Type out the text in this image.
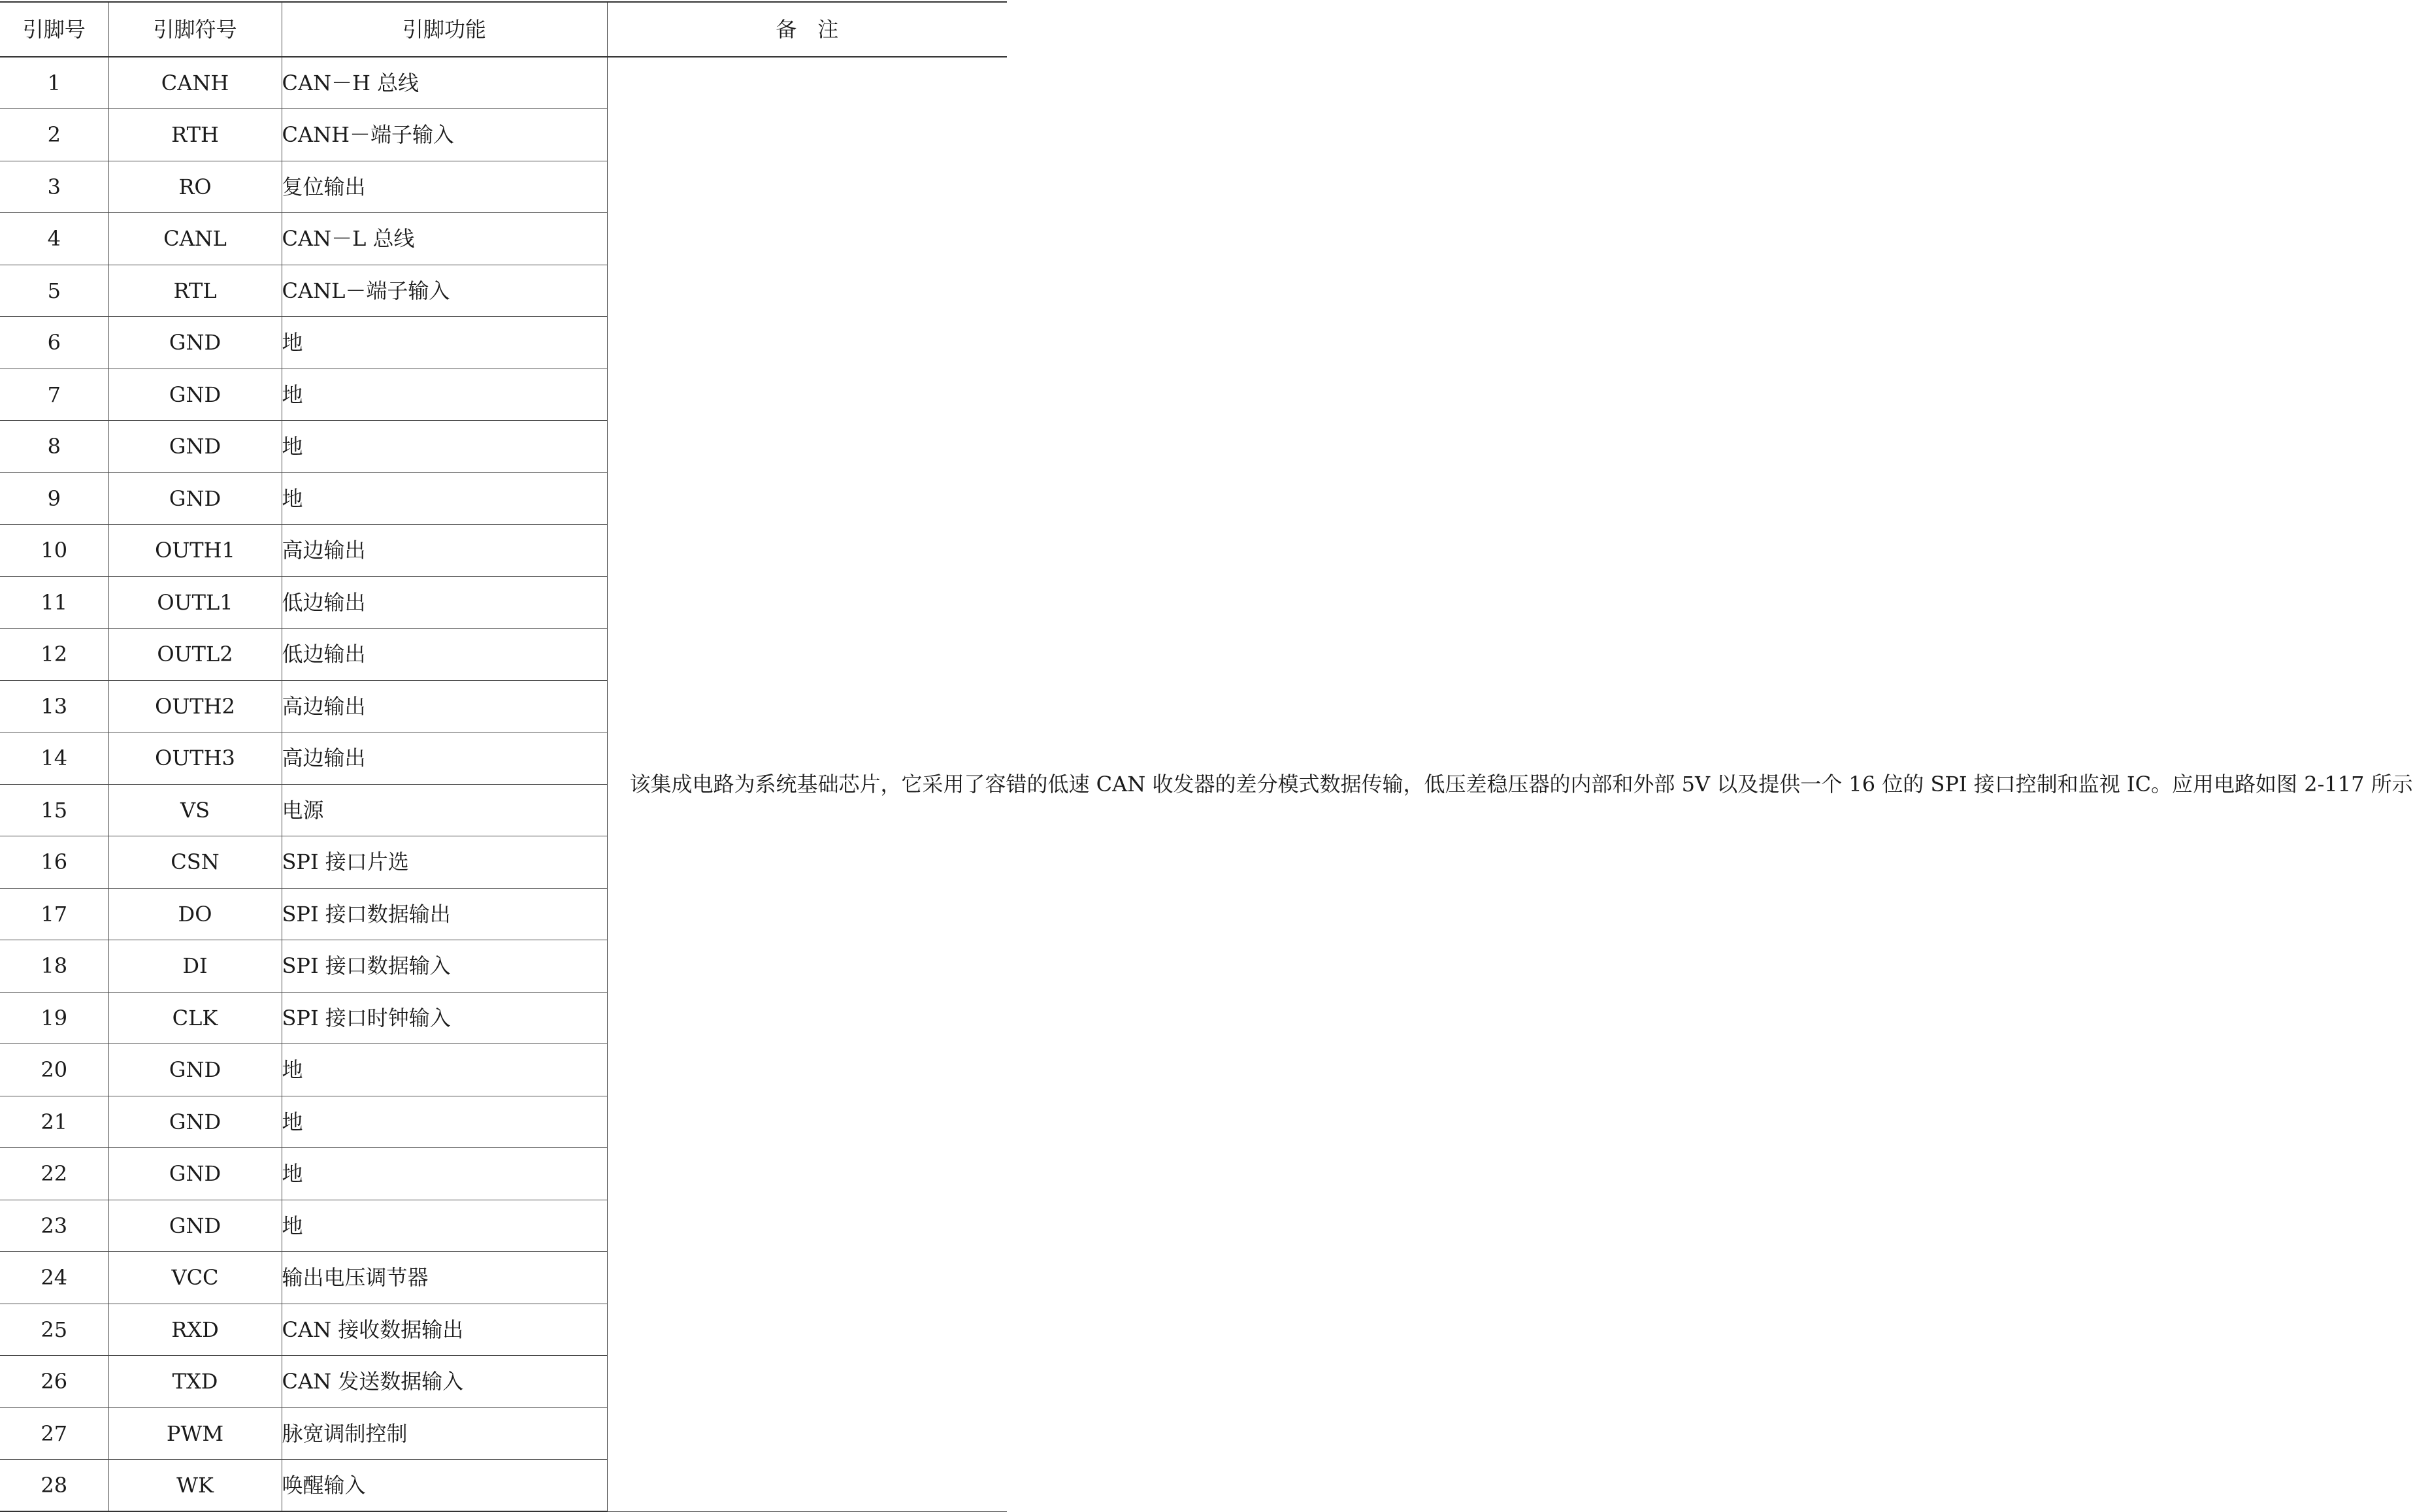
引脚号	引脚符号	引脚功能	备　注
1	CANH	CAN－H 总线	该集成电路为系统基础芯片，它采用了容错的低速 CAN 收发器的差分模式数据传输，低压差稳压器的内部和外部 5V 以及提供一个 16 位的 SPI 接口控制和监视 IC。应用电路如图 2-117 所示
2	RTH	CANH－端子输入	
3	RO	复位输出	
4	CANL	CAN－L 总线	
5	RTL	CANL－端子输入	
6	GND	地	
7	GND	地	
8	GND	地	
9	GND	地	
10	OUTH1	高边输出	
11	OUTL1	低边输出	
12	OUTL2	低边输出	
13	OUTH2	高边输出	
14	OUTH3	高边输出	
15	VS	电源	
16	CSN	SPI 接口片选	
17	DO	SPI 接口数据输出	
18	DI	SPI 接口数据输入	
19	CLK	SPI 接口时钟输入	
20	GND	地	
21	GND	地	
22	GND	地	
23	GND	地	
24	VCC	输出电压调节器	
25	RXD	CAN 接收数据输出	
26	TXD	CAN 发送数据输入	
27	PWM	脉宽调制控制	
28	WK	唤醒输入	
